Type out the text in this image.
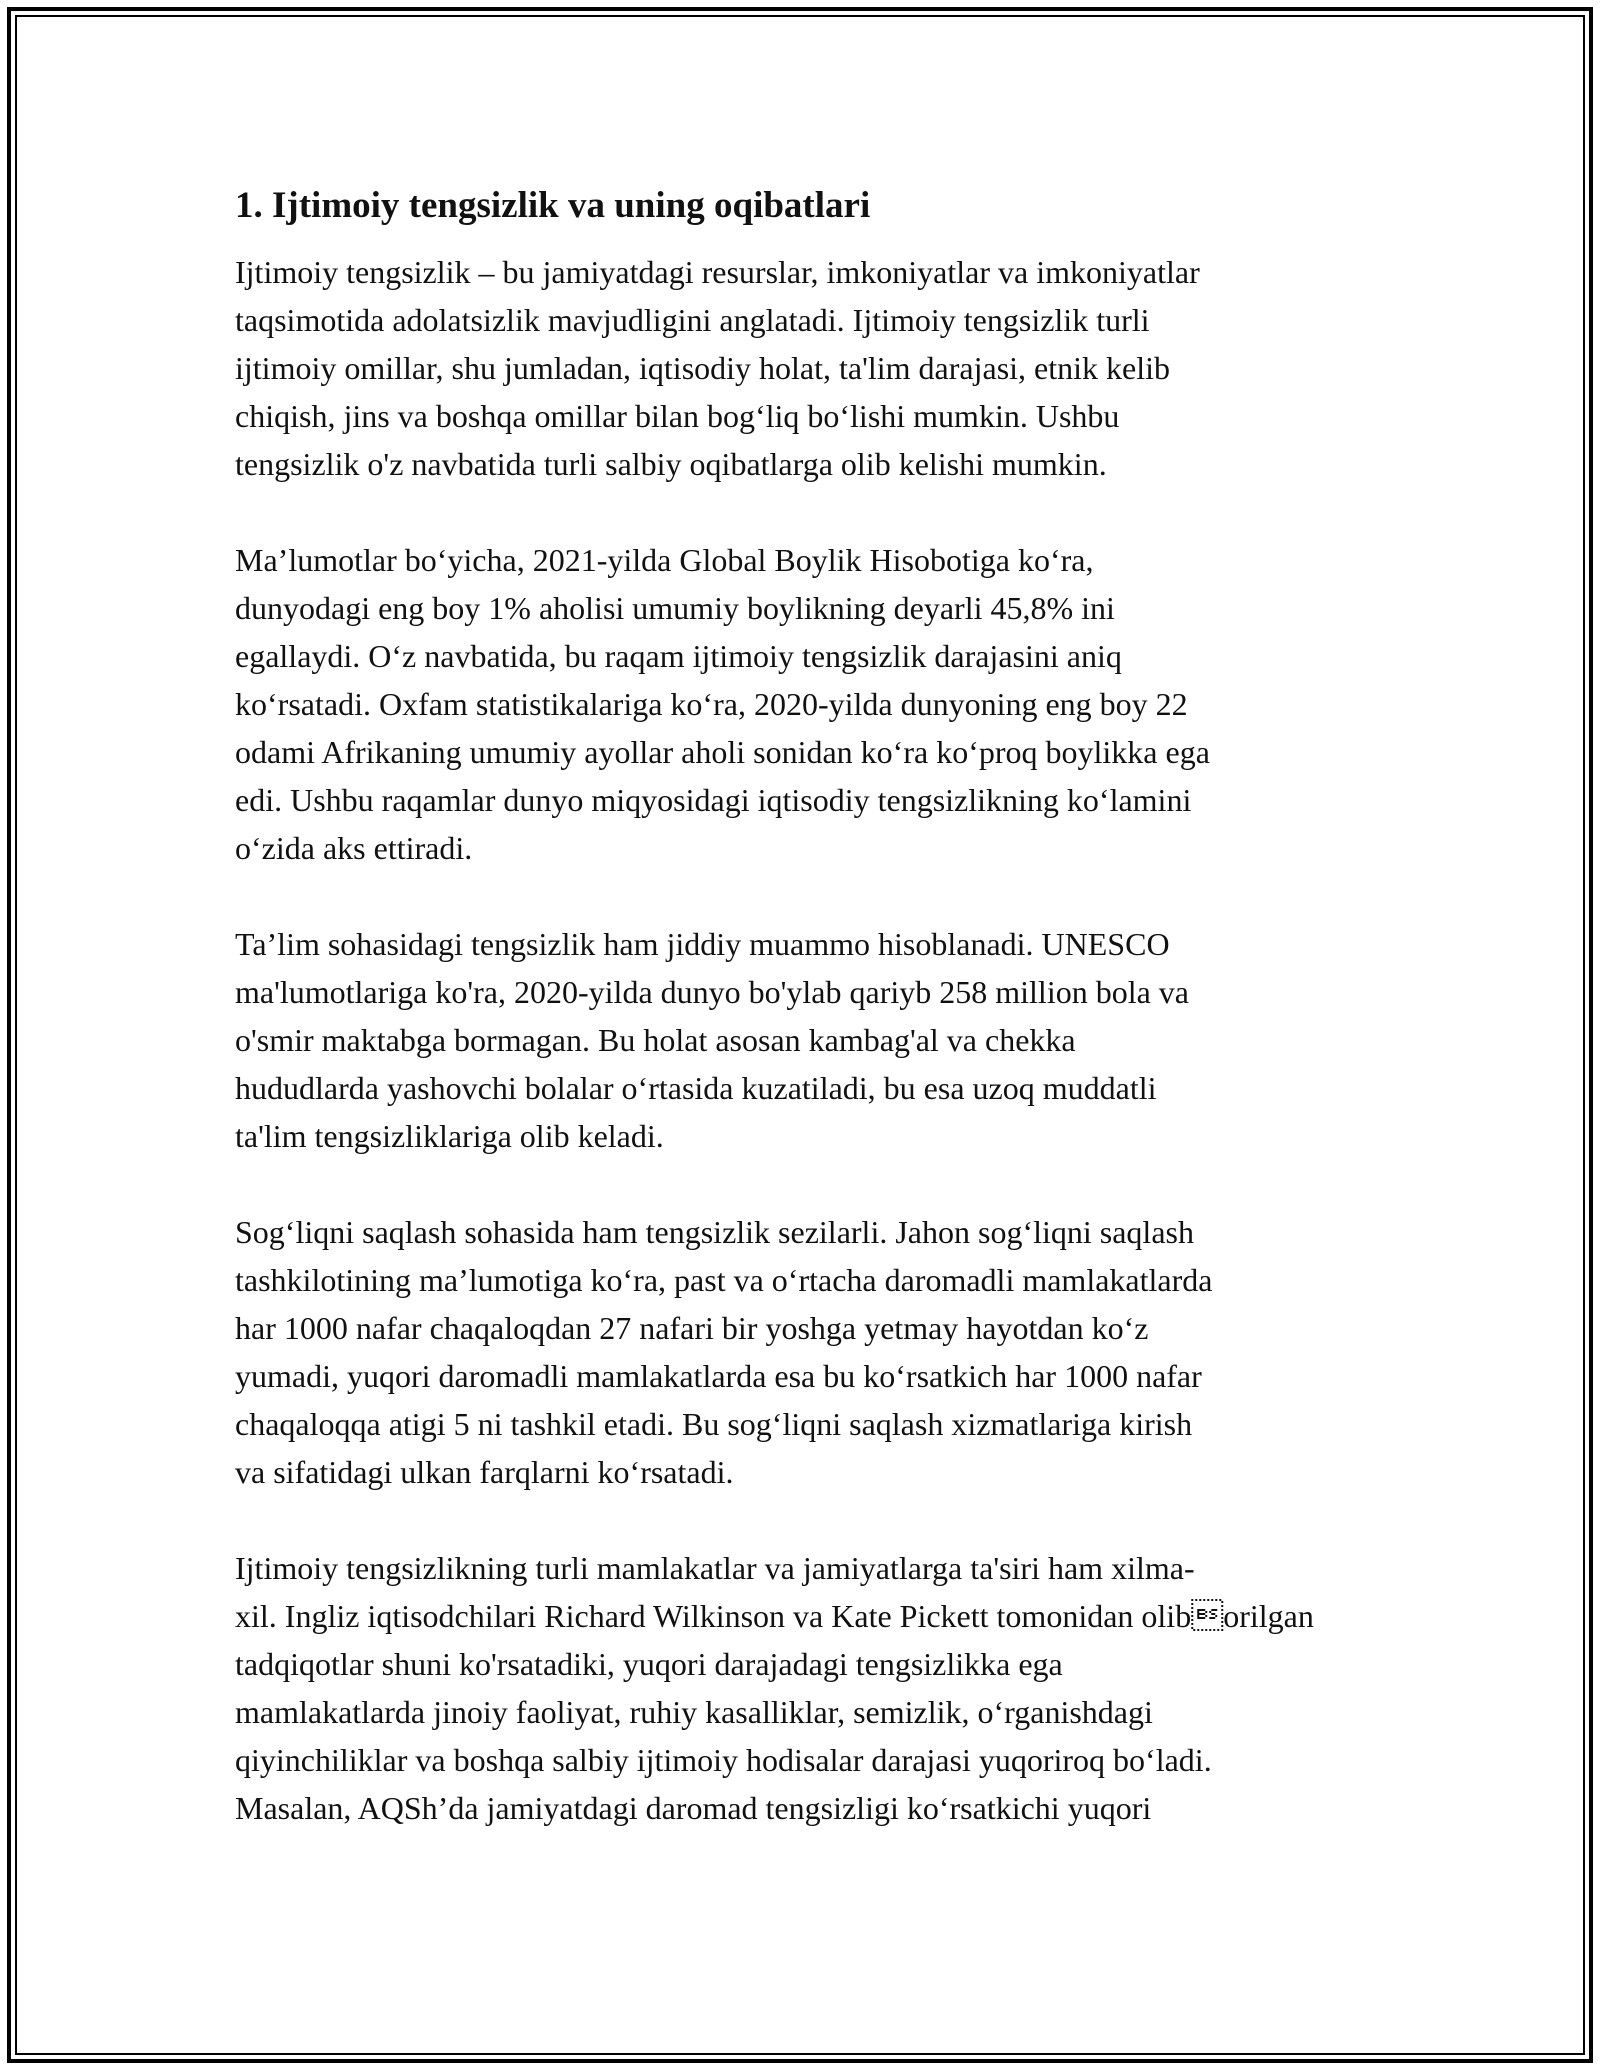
1. Ijtimoiy tengsizlik va uning oqibatlari

Ijtimoiy tengsizlik – bu jamiyatdagi resurslar, imkoniyatlar va imkoniyatlar
taqsimotida adolatsizlik mavjudligini anglatadi. Ijtimoiy tengsizlik turli
ijtimoiy omillar, shu jumladan, iqtisodiy holat, ta'lim darajasi, etnik kelib
chiqish, jins va boshqa omillar bilan bog‘liq bo‘lishi mumkin. Ushbu
tengsizlik o'z navbatida turli salbiy oqibatlarga olib kelishi mumkin.

Ma’lumotlar bo‘yicha, 2021-yilda Global Boylik Hisobotiga ko‘ra,
dunyodagi eng boy 1% aholisi umumiy boylikning deyarli 45,8% ini
egallaydi. O‘z navbatida, bu raqam ijtimoiy tengsizlik darajasini aniq
ko‘rsatadi. Oxfam statistikalariga ko‘ra, 2020-yilda dunyoning eng boy 22
odami Afrikaning umumiy ayollar aholi sonidan ko‘ra ko‘proq boylikka ega
edi. Ushbu raqamlar dunyo miqyosidagi iqtisodiy tengsizlikning ko‘lamini
o‘zida aks ettiradi.

Ta’lim sohasidagi tengsizlik ham jiddiy muammo hisoblanadi. UNESCO
ma'lumotlariga ko'ra, 2020-yilda dunyo bo'ylab qariyb 258 million bola va
o'smir maktabga bormagan. Bu holat asosan kambag'al va chekka
hududlarda yashovchi bolalar o‘rtasida kuzatiladi, bu esa uzoq muddatli
ta'lim tengsizliklariga olib keladi.

Sog‘liqni saqlash sohasida ham tengsizlik sezilarli. Jahon sog‘liqni saqlash
tashkilotining ma’lumotiga ko‘ra, past va o‘rtacha daromadli mamlakatlarda
har 1000 nafar chaqaloqdan 27 nafari bir yoshga yetmay hayotdan ko‘z
yumadi, yuqori daromadli mamlakatlarda esa bu ko‘rsatkich har 1000 nafar
chaqaloqqa atigi 5 ni tashkil etadi. Bu sog‘liqni saqlash xizmatlariga kirish
va sifatidagi ulkan farqlarni ko‘rsatadi.

Ijtimoiy tengsizlikning turli mamlakatlar va jamiyatlarga ta'siri ham xilma-
xil. Ingliz iqtisodchilari Richard Wilkinson va Kate Pickett tomonidan oliborilgan tadqiqotlar shuni ko'rsatadiki, yuqori darajadagi tengsizlikka ega
mamlakatlarda jinoiy faoliyat, ruhiy kasalliklar, semizlik, o‘rganishdagi
qiyinchiliklar va boshqa salbiy ijtimoiy hodisalar darajasi yuqoriroq bo‘ladi.
Masalan, AQSh’da jamiyatdagi daromad tengsizligi ko‘rsatkichi yuqori
